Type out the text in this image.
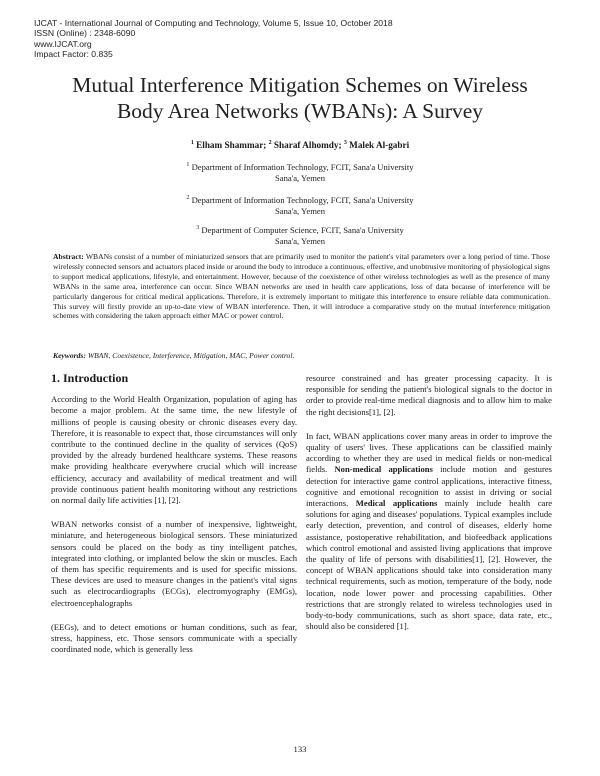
IJCAT - International Journal of Computing and Technology, Volume 5, Issue 10, October 2018
ISSN (Online) : 2348-6090
www.IJCAT.org
Impact Factor: 0.835
Mutual Interference Mitigation Schemes on Wireless
Body Area Networks (WBANs): A Survey
$^1$ Elham Shammar; $^2$ Sharaf Alhomdy; $^3$ Malek Al-gabri
$^1$ Department of Information Technology, FCIT, Sana'a University
Sana'a, Yemen
$^2$ Department of Information Technology, FCIT, Sana'a University
Sana'a, Yemen
$^3$ Department of Computer Science, FCIT, Sana'a University
Sana'a, Yemen
Abstract: WBANs consist of a number of miniaturized sensors that are primarily used to monitor the patient's vital parameters over a long period of time. Those wirelessly connected sensors and actuators placed inside or around the body to introduce a continuous, effective, and unobtrusive monitoring of physiological signs to support medical applications, lifestyle, and entertainment. However, because of the coexistence of other wireless technologies as well as the presence of many WBANs in the same area, interference can occur. Since WBAN networks are used in health care applications, loss of data because of interference will be particularly dangerous for critical medical applications. Therefore, it is extremely important to mitigate this interference to ensure reliable data communication. This survey will firstly provide an up-to-date view of WBAN interference. Then, it will introduce a comparative study on the mutual interference mitigation schemes with considering the taken approach either MAC or power control.
Keywords: WBAN, Coexistence, Interference, Mitigation, MAC, Power control.
1. Introduction

According to the World Health Organization, population of aging has become a major problem. At the same time, the new lifestyle of millions of people is causing obesity or chronic diseases every day. Therefore, it is reasonable to expect that, those circumstances will only contribute to the continued decline in the quality of services (QoS) provided by the already burdened healthcare systems. These reasons make providing healthcare everywhere crucial which will increase efficiency, accuracy and availability of medical treatment and will provide continuous patient health monitoring without any restrictions on normal daily life activities [1], [2].

WBAN networks consist of a number of inexpensive, lightweight, miniature, and heterogeneous biological sensors. These miniaturized sensors could be placed on the body as tiny intelligent patches, integrated into clothing, or implanted below the skin or muscles. Each of them has specific requirements and is used for specific missions. These devices are used to measure changes in the patient's vital signs such as electrocardiographs (ECGs), electromyography (EMGs), electroencephalographs

(EEGs), and to detect emotions or human conditions, such as fear, stress, happiness, etc. Those sensors communicate with a specially coordinated node, which is generally less

resource constrained and has greater processing capacity. It is responsible for sending the patient's biological signals to the doctor in order to provide real-time medical diagnosis and to allow him to make the right decisions[1], [2].

In fact, WBAN applications cover many areas in order to improve the quality of users' lives. These applications can be classified mainly according to whether they are used in medical fields or non-medical fields. Non-medical applications include motion and gestures detection for interactive game control applications, interactive fitness, cognitive and emotional recognition to assist in driving or social interactions. Medical applications mainly include health care solutions for aging and diseases' populations. Typical examples include early detection, prevention, and control of diseases, elderly home assistance, postoperative rehabilitation, and biofeedback applications which control emotional and assisted living applications that improve the quality of life of persons with disabilities[1], [2]. However, the concept of WBAN applications should take into consideration many technical requirements, such as motion, temperature of the body, node location, node lower power and processing capabilities. Other restrictions that are strongly related to wireless technologies used in body-to-body communications, such as short space, data rate, etc., should also be considered [1].

133
